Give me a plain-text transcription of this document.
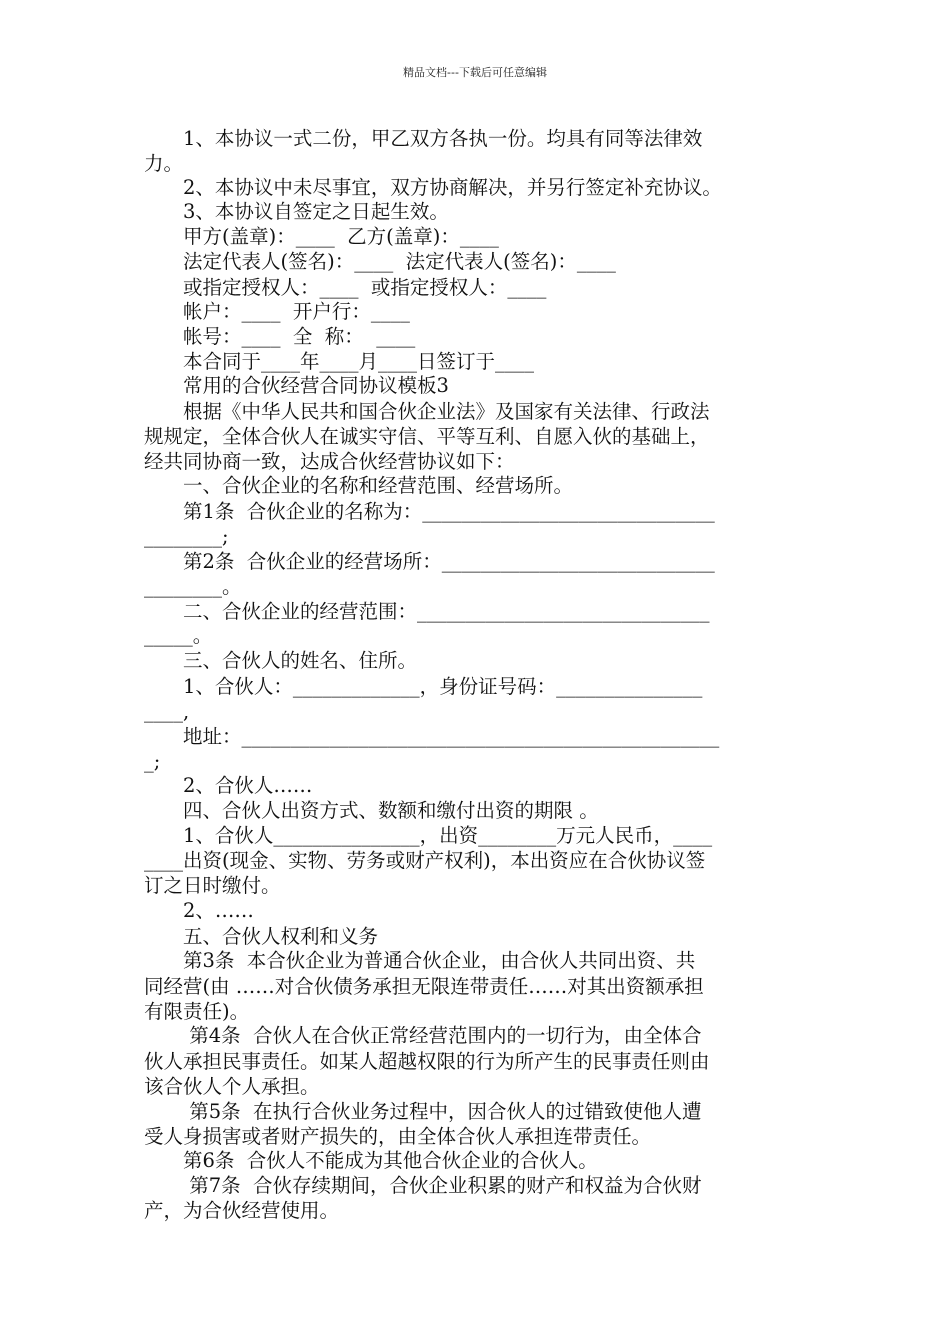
精品文档---下载后可任意编辑
　　1、本协议一式二份，甲乙双方各执一份。均具有同等法律效
力。
　　2、本协议中未尽事宜，双方协商解决，并另行签定补充协议。
　　3、本协议自签定之日起生效。
　　甲方(盖章)：____  乙方(盖章)：____
　　法定代表人(签名)：____  法定代表人(签名)：____
　　或指定授权人：____  或指定授权人：____
　　帐户：____  开户行：____
　　帐号：____  全  称：  ____
　　本合同于____年____月____日签订于____
　　常用的合伙经营合同协议模板3
　　根据《中华人民共和国合伙企业法》及国家有关法律、行政法
规规定，全体合伙人在诚实守信、平等互利、自愿入伙的基础上，
经共同协商一致，达成合伙经营协议如下：
　　一、合伙企业的名称和经营范围、经营场所。
　　第1条  合伙企业的名称为：______________________________
________;
　　第2条  合伙企业的经营场所：____________________________
________。
　　二、合伙企业的经营范围：______________________________
_____。
　　三、合伙人的姓名、住所。
　　1、合伙人：_____________，身份证号码：_______________
____,
　　地址：_________________________________________________
_;
　　2、合伙人……
　　四、合伙人出资方式、数额和缴付出资的期限 。
　　1、合伙人_______________，出资________万元人民币，____
____出资(现金、实物、劳务或财产权利)，本出资应在合伙协议签
订之日时缴付。
　　2、……
　　五、合伙人权利和义务
　　第3条  本合伙企业为普通合伙企业，由合伙人共同出资、共
同经营(由 ……对合伙债务承担无限连带责任……对其出资额承担
有限责任)。
　　 第4条  合伙人在合伙正常经营范围内的一切行为，由全体合
伙人承担民事责任。如某人超越权限的行为所产生的民事责任则由
该合伙人个人承担。
　　 第5条  在执行合伙业务过程中，因合伙人的过错致使他人遭
受人身损害或者财产损失的，由全体合伙人承担连带责任。
　　第6条  合伙人不能成为其他合伙企业的合伙人。
　　 第7条  合伙存续期间，合伙企业积累的财产和权益为合伙财
产，为合伙经营使用。
